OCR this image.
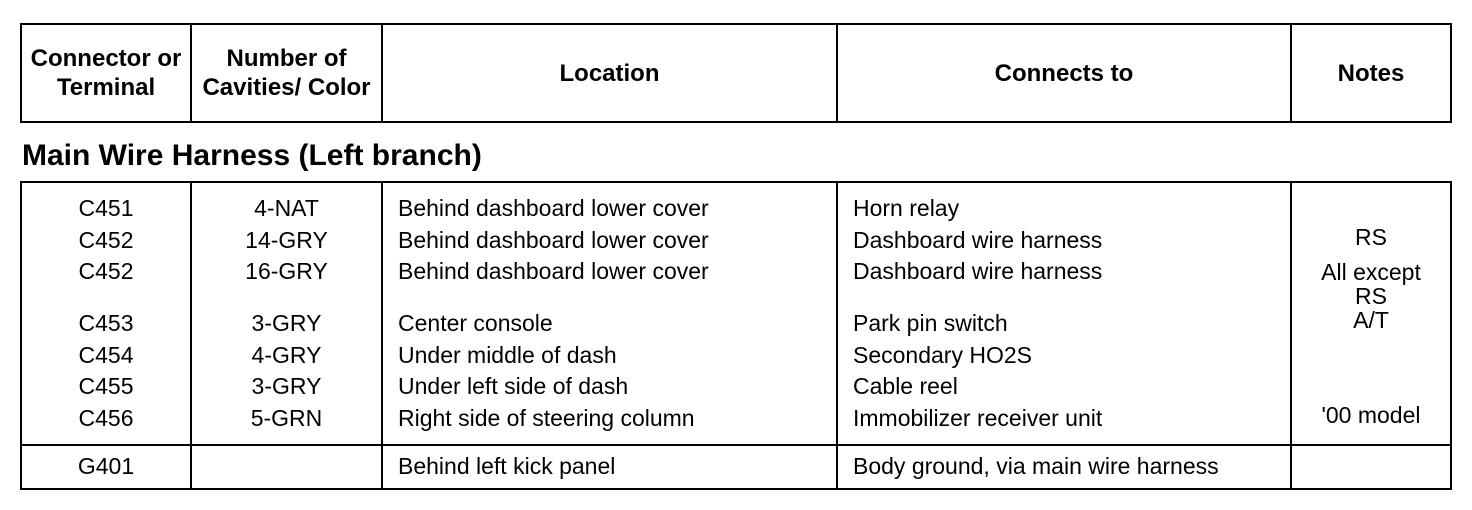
Connector or Terminal	Number of Cavities/ Color	Location	Connects to	Notes
Main Wire Harness (Left branch)
C451	4-NAT	Behind dashboard lower cover	Horn relay	
C452	14-GRY	Behind dashboard lower cover	Dashboard wire harness	RS
C452	16-GRY	Behind dashboard lower cover	Dashboard wire harness	All except RS
C453	3-GRY	Center console	Park pin switch	A/T
C454	4-GRY	Under middle of dash	Secondary HO2S	
C455	3-GRY	Under left side of dash	Cable reel	
C456	5-GRN	Right side of steering column	Immobilizer receiver unit	'00 model
G401		Behind left kick panel	Body ground, via main wire harness	
